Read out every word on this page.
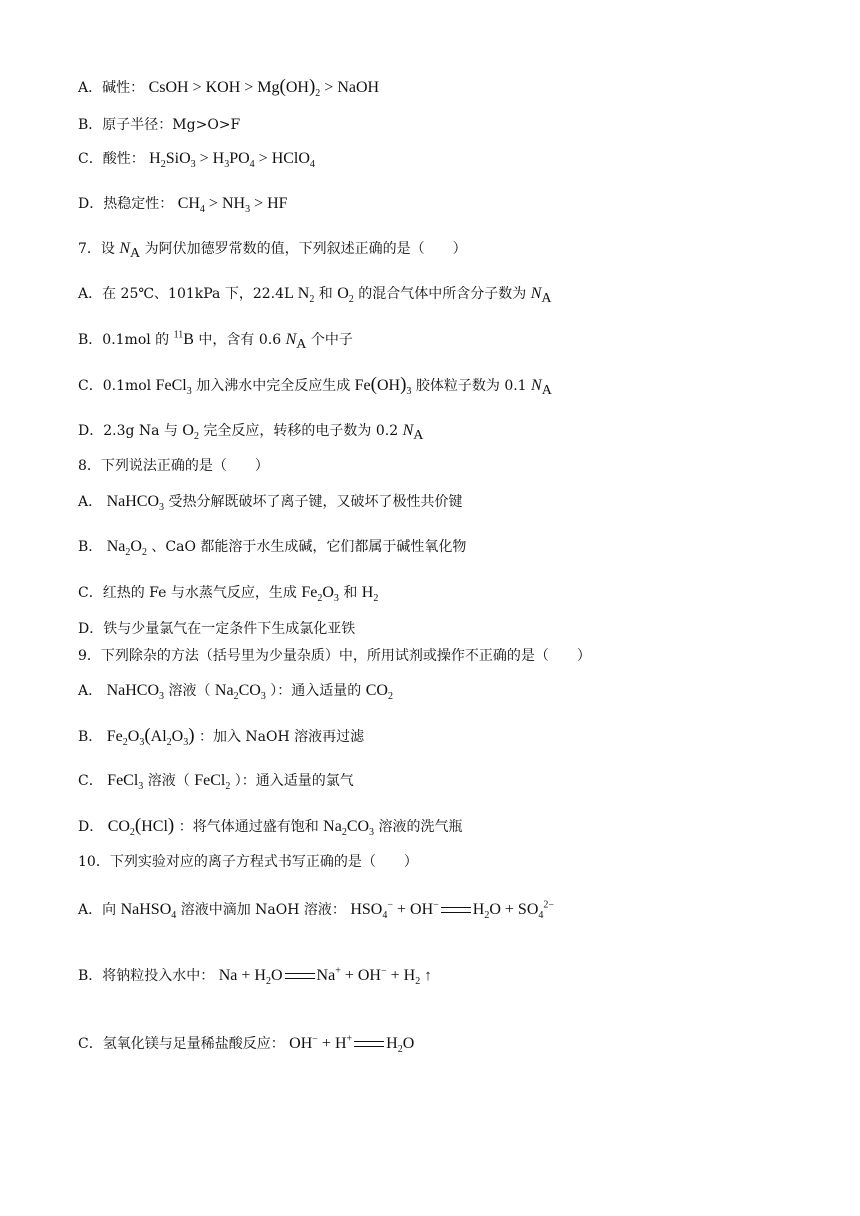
A．碱性： CsOH > KOH > $Mg(OH)_2$ > NaOH
B．原子半径：Mg>O>F
C．酸性： $H_2SiO_3 > H_3PO_4$ > HClO$_4$
D．热稳定性： $CH_4 > NH_3$ > HF
7．设 $N_A$ 为阿伏加德罗常数的值，下列叙述正确的是（　　）
A．在 25℃、101kPa 下，22.4L $N_2$ 和 $O_2$ 的混合气体中所含分子数为 $N_A$
B．0.1mol 的 $^{11}$B 中，含有 0.6 $N_A$ 个中子
C．0.1mol FeCl$_3$ 加入沸水中完全反应生成 $Fe(OH)_3$ 胶体粒子数为 0.1 $N_A$
D．2.3g Na 与 $O_2$ 完全反应，转移的电子数为 0.2 $N_A$
8．下列说法正确的是（　　）
A． NaHCO$_3$ 受热分解既破坏了离子键，又破坏了极性共价键
B． $Na_2O_2$ 、CaO 都能溶于水生成碱，它们都属于碱性氧化物
C．红热的 Fe 与水蒸气反应，生成 $Fe_2O_3$ 和 $H_2$
D．铁与少量氯气在一定条件下生成氯化亚铁
9．下列除杂的方法（括号里为少量杂质）中，所用试剂或操作不正确的是（　　）
A． NaHCO$_3$ 溶液（ $Na_2CO_3$ ）：通入适量的 $CO_2$
B． $Fe_2O_3(Al_2O_3)$ ：加入 NaOH 溶液再过滤
C． FeCl$_3$ 溶液（ FeCl$_2$ ）：通入适量的氯气
D． $CO_2(HCl)$ ：将气体通过盛有饱和 $Na_2CO_3$ 溶液的洗气瓶
10．下列实验对应的离子方程式书写正确的是（　　）
A．向 NaHSO$_4$ 溶液中滴加 NaOH 溶液： $HSO_4^- + OH^-$ $H_2O + SO_4^{2-}$
B．将钠粒投入水中： $Na + H_2O$ $Na^+ + OH^- + H_2$ ↑
C．氢氧化镁与足量稀盐酸反应： OH− + H+ $H_2O$
